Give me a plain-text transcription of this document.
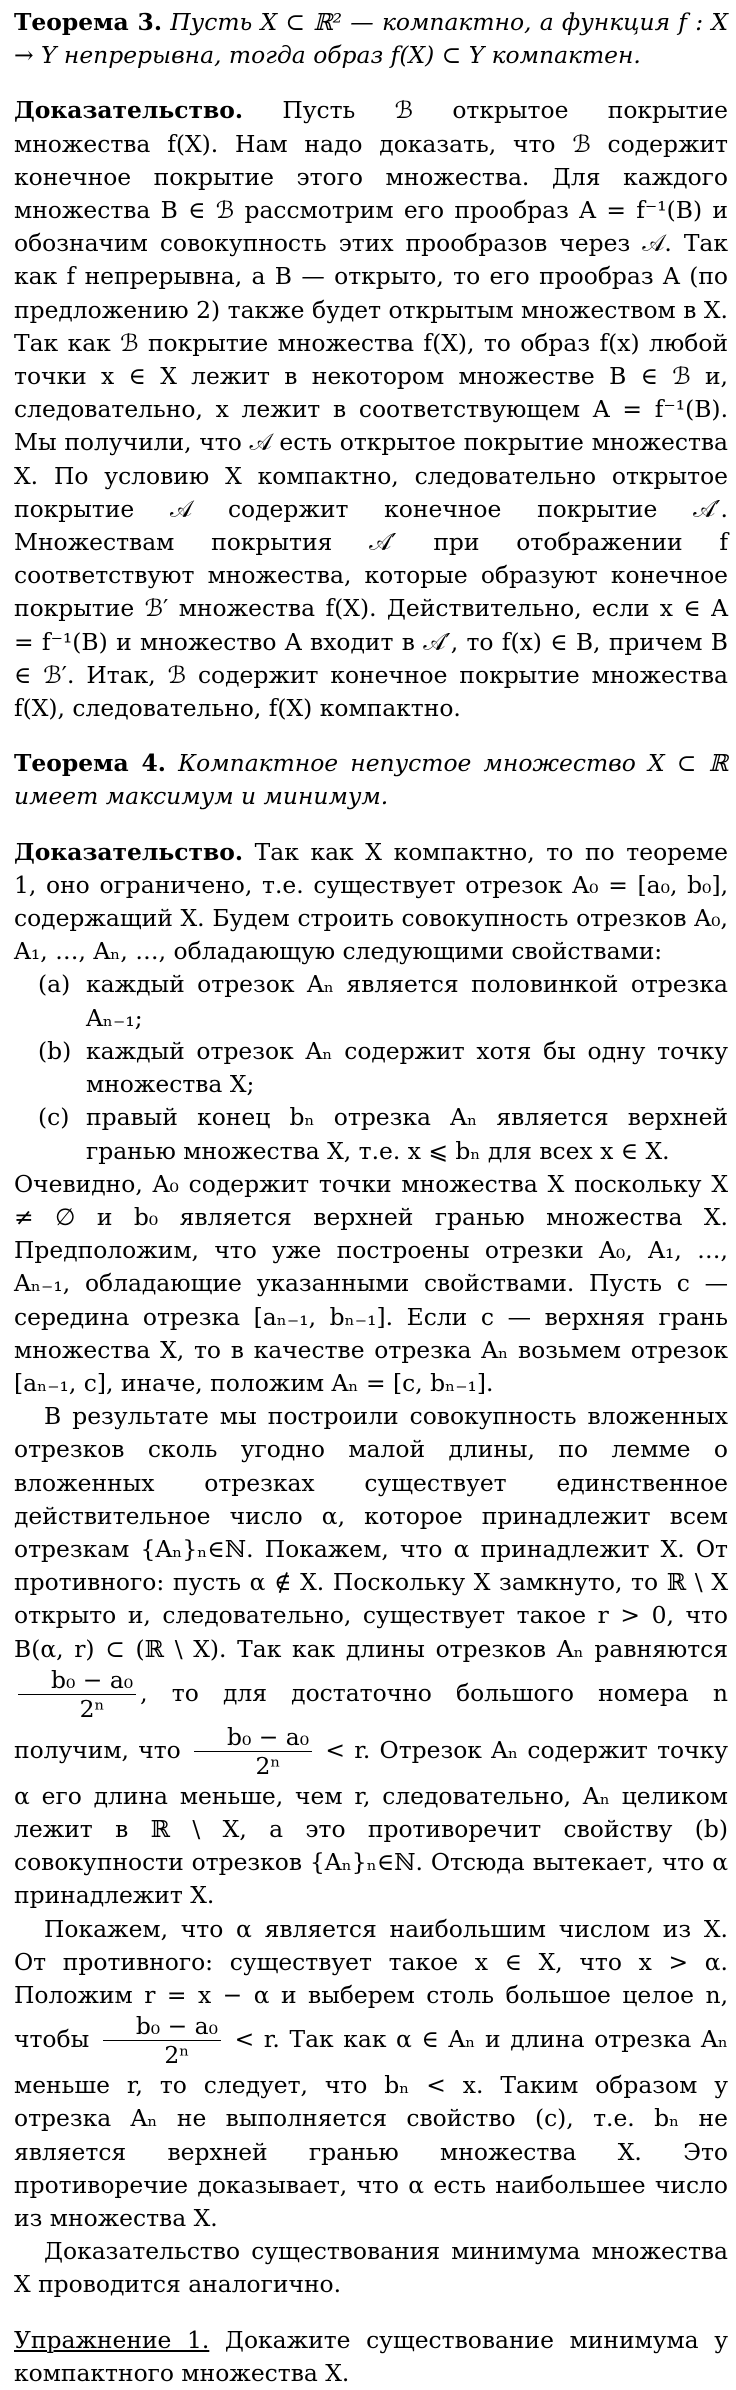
Теорема 3. Пусть X ⊂ ℝ² — компактно, а функция f : X → Y непрерывна, тогда образ f(X) ⊂ Y компактен.

Доказательство. Пусть ℬ открытое покрытие множества f(X). Нам надо доказать, что ℬ содержит конечное покрытие этого множества. Для каждого множества B ∈ ℬ рассмотрим его прообраз A = f⁻¹(B) и обозначим совокупность этих прообразов через 𝒜. Так как f непрерывна, а B — открыто, то его прообраз A (по предложению 2) также будет открытым множеством в X. Так как ℬ покрытие множества f(X), то образ f(x) любой точки x ∈ X лежит в некотором множестве B ∈ ℬ и, следовательно, x лежит в соответствующем A = f⁻¹(B). Мы получили, что 𝒜 есть открытое покрытие множества X. По условию X компактно, следовательно открытое покрытие 𝒜 содержит конечное покрытие 𝒜′. Множествам покрытия 𝒜′ при отображении f соответствуют множества, которые образуют конечное покрытие ℬ′ множества f(X). Действительно, если x ∈ A = f⁻¹(B) и множество A входит в 𝒜′, то f(x) ∈ B, причем B ∈ ℬ′. Итак, ℬ содержит конечное покрытие множества f(X), следовательно, f(X) компактно.

Теорема 4. Компактное непустое множество X ⊂ ℝ имеет максимум и минимум.

Доказательство. Так как X компактно, то по теореме 1, оно ограничено, т.е. существует отрезок A₀ = [a₀, b₀], содержащий X. Будем строить совокупность отрезков A₀, A₁, …, Aₙ, …, обладающую следующими свойствами:

(a) каждый отрезок Aₙ является половинкой отрезка Aₙ₋₁;
(b) каждый отрезок Aₙ содержит хотя бы одну точку множества X;
(c) правый конец bₙ отрезка Aₙ является верхней гранью множества X, т.е. x ⩽ bₙ для всех x ∈ X.

Очевидно, A₀ содержит точки множества X поскольку X ≠ ∅ и b₀ является верхней гранью множества X. Предположим, что уже построены отрезки A₀, A₁, …, Aₙ₋₁, обладающие указанными свойствами. Пусть c — середина отрезка [aₙ₋₁, bₙ₋₁]. Если c — верхняя грань множества X, то в качестве отрезка Aₙ возьмем отрезок [aₙ₋₁, c], иначе, положим Aₙ = [c, bₙ₋₁].

В результате мы построили совокупность вложенных отрезков сколь угодно малой длины, по лемме о вложенных отрезках существует единственное действительное число α, которое принадлежит всем отрезкам {Aₙ}ₙ∈ℕ. Покажем, что α принадлежит X. От противного: пусть α ∉ X. Поскольку X замкнуто, то ℝ \ X открыто и, следовательно, существует такое r > 0, что B(α, r) ⊂ (ℝ \ X). Так как длины отрезков Aₙ равняются
$\frac{\text{b₀ − a₀}}{\text{2ⁿ}}$ , то для достаточно большого номера n получим, что $\frac{\text{b₀ − a₀}}{\text{2ⁿ}} < r$. Отрезок Aₙ содержит точку α его длина меньше, чем r, следовательно, Aₙ целиком лежит в ℝ \ X, а это противоречит свойству (b) совокупности отрезков {Aₙ}ₙ∈ℕ. Отсюда вытекает, что α принадлежит X.

Покажем, что α является наибольшим числом из X. От противного: существует такое x ∈ X, что x > α. Положим r = x − α и выберем столь большое целое n, чтобы $\frac{\text{b₀ − a₀}}{\text{2ⁿ}} < r$. Так как α ∈ Aₙ и длина отрезка Aₙ меньше r, то следует, что bₙ < x. Таким образом у отрезка Aₙ не выполняется свойство (c), т.е. bₙ не является верхней гранью множества X. Это противоречие доказывает, что α есть наибольшее число из множества X.

Доказательство существования минимума множества X проводится аналогично.

Упражнение 1. Докажите существование минимума у компактного множества X.
